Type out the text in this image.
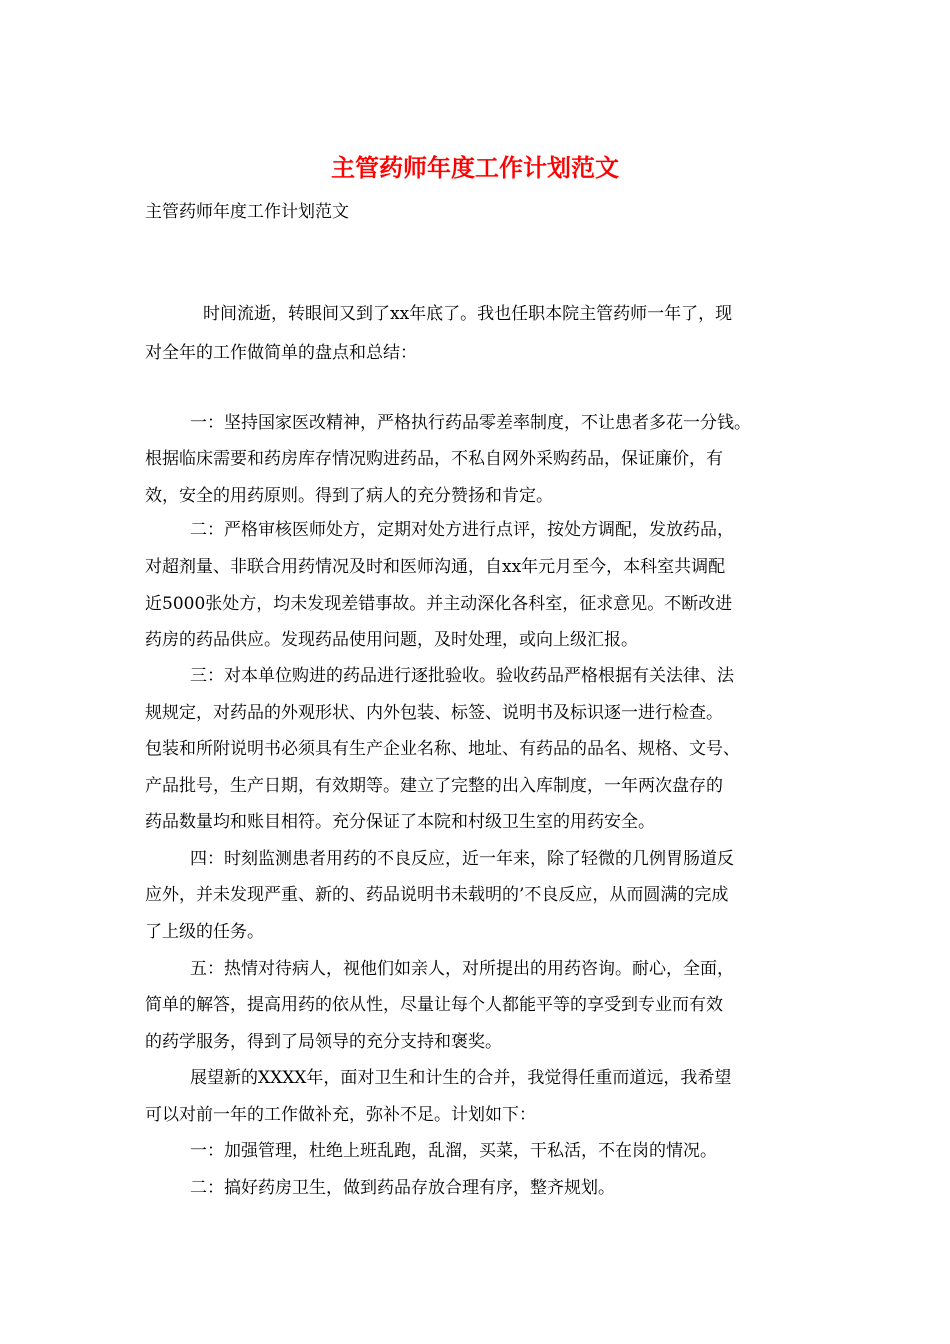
主管药师年度工作计划范文
主管药师年度工作计划范文
时间流逝，转眼间又到了xx年底了。我也任职本院主管药师一年了，现
对全年的工作做简单的盘点和总结：
一：坚持国家医改精神，严格执行药品零差率制度，不让患者多花一分钱。
根据临床需要和药房库存情况购进药品，不私自网外采购药品，保证廉价，有
效，安全的用药原则。得到了病人的充分赞扬和肯定。
二：严格审核医师处方，定期对处方进行点评，按处方调配，发放药品，
对超剂量、非联合用药情况及时和医师沟通，自xx年元月至今，本科室共调配
近5000张处方，均未发现差错事故。并主动深化各科室，征求意见。不断改进
药房的药品供应。发现药品使用问题，及时处理，或向上级汇报。
三：对本单位购进的药品进行逐批验收。验收药品严格根据有关法律、法
规规定，对药品的外观形状、内外包装、标签、说明书及标识逐一进行检查。
包装和所附说明书必须具有生产企业名称、地址、有药品的品名、规格、文号、
产品批号，生产日期，有效期等。建立了完整的出入库制度，一年两次盘存的
药品数量均和账目相符。充分保证了本院和村级卫生室的用药安全。
四：时刻监测患者用药的不良反应，近一年来，除了轻微的几例胃肠道反
应外，并未发现严重、新的、药品说明书未载明的’不良反应，从而圆满的完成
了上级的任务。
五：热情对待病人，视他们如亲人，对所提出的用药咨询。耐心，全面，
简单的解答，提高用药的依从性，尽量让每个人都能平等的享受到专业而有效
的药学服务，得到了局领导的充分支持和褒奖。
展望新的XXXX年，面对卫生和计生的合并，我觉得任重而道远，我希望
可以对前一年的工作做补充，弥补不足。计划如下：
一：加强管理，杜绝上班乱跑，乱溜，买菜，干私活，不在岗的情况。
二：搞好药房卫生，做到药品存放合理有序，整齐规划。
